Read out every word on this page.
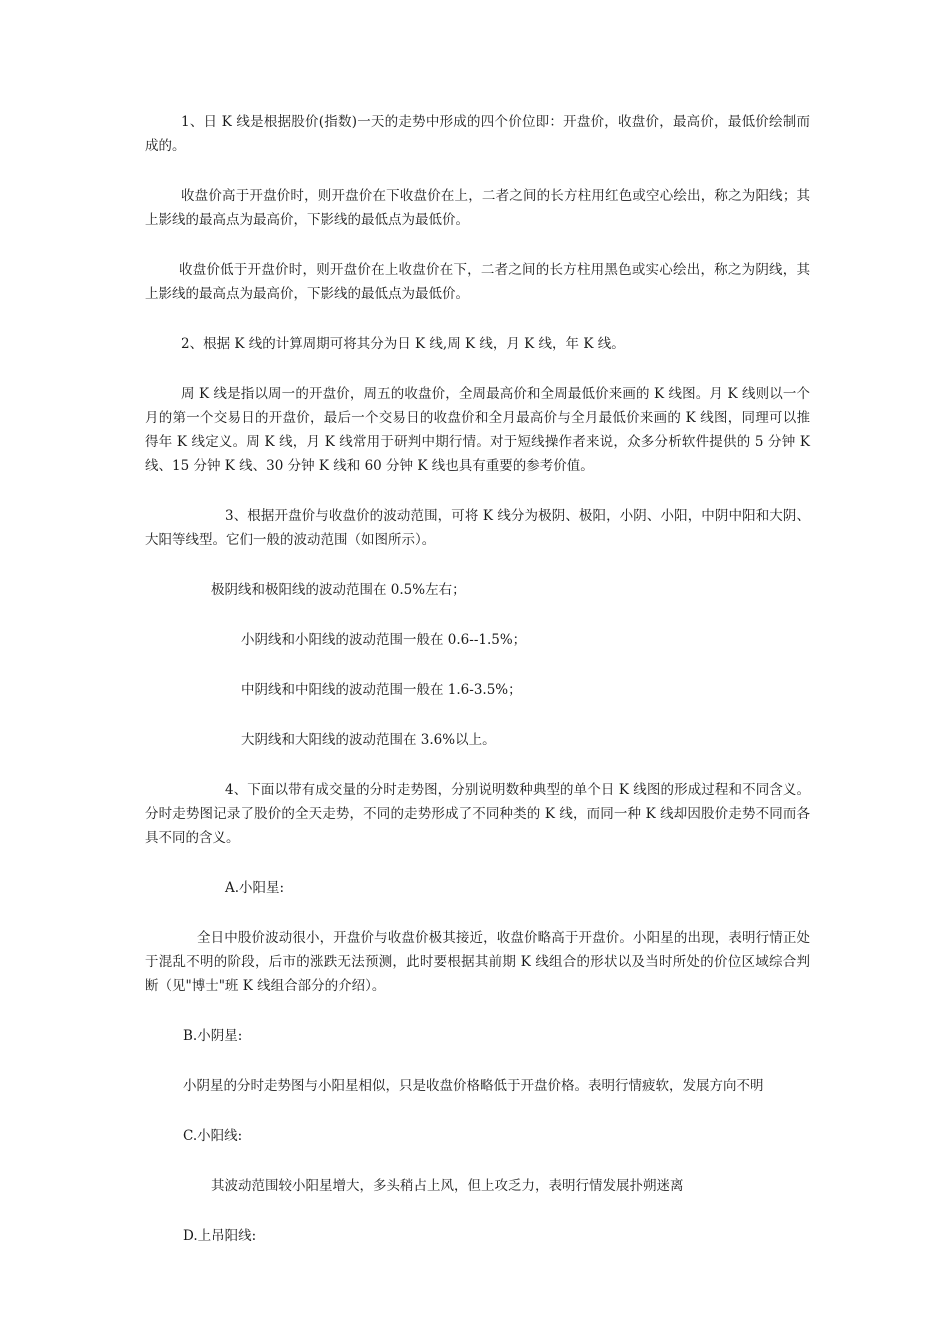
1、日 K 线是根据股价(指数)一天的走势中形成的四个价位即：开盘价，收盘价，最高价，最低价绘制而成的。

收盘价高于开盘价时，则开盘价在下收盘价在上，二者之间的长方柱用红色或空心绘出，称之为阳线；其上影线的最高点为最高价，下影线的最低点为最低价。

收盘价低于开盘价时，则开盘价在上收盘价在下，二者之间的长方柱用黑色或实心绘出，称之为阴线，其上影线的最高点为最高价，下影线的最低点为最低价。

2、根据 K 线的计算周期可将其分为日 K 线,周 K 线，月 K 线，年 K 线。

周 K 线是指以周一的开盘价，周五的收盘价，全周最高价和全周最低价来画的 K 线图。月 K 线则以一个月的第一个交易日的开盘价，最后一个交易日的收盘价和全月最高价与全月最低价来画的 K 线图，同理可以推得年 K 线定义。周 K 线，月 K 线常用于研判中期行情。对于短线操作者来说，众多分析软件提供的 5 分钟 K 线、15 分钟 K 线、30 分钟 K 线和 60 分钟 K 线也具有重要的参考价值。

3、根据开盘价与收盘价的波动范围，可将 K 线分为极阴、极阳，小阴、小阳，中阴中阳和大阴、大阳等线型。它们一般的波动范围（如图所示）。

极阴线和极阳线的波动范围在 0.5%左右；

小阴线和小阳线的波动范围一般在 0.6--1.5%；

中阴线和中阳线的波动范围一般在 1.6-3.5%；

大阴线和大阳线的波动范围在 3.6%以上。

4、下面以带有成交量的分时走势图，分别说明数种典型的单个日 K 线图的形成过程和不同含义。分时走势图记录了股价的全天走势，不同的走势形成了不同种类的 K 线，而同一种 K 线却因股价走势不同而各具不同的含义。

A.小阳星:

全日中股价波动很小，开盘价与收盘价极其接近，收盘价略高于开盘价。小阳星的出现，表明行情正处于混乱不明的阶段，后市的涨跌无法预测，此时要根据其前期 K 线组合的形状以及当时所处的价位区域综合判断（见"博士"班 K 线组合部分的介绍）。

B.小阴星:

小阴星的分时走势图与小阳星相似，只是收盘价格略低于开盘价格。表明行情疲软，发展方向不明

C.小阳线:

其波动范围较小阳星增大，多头稍占上风，但上攻乏力，表明行情发展扑朔迷离

D.上吊阳线:
